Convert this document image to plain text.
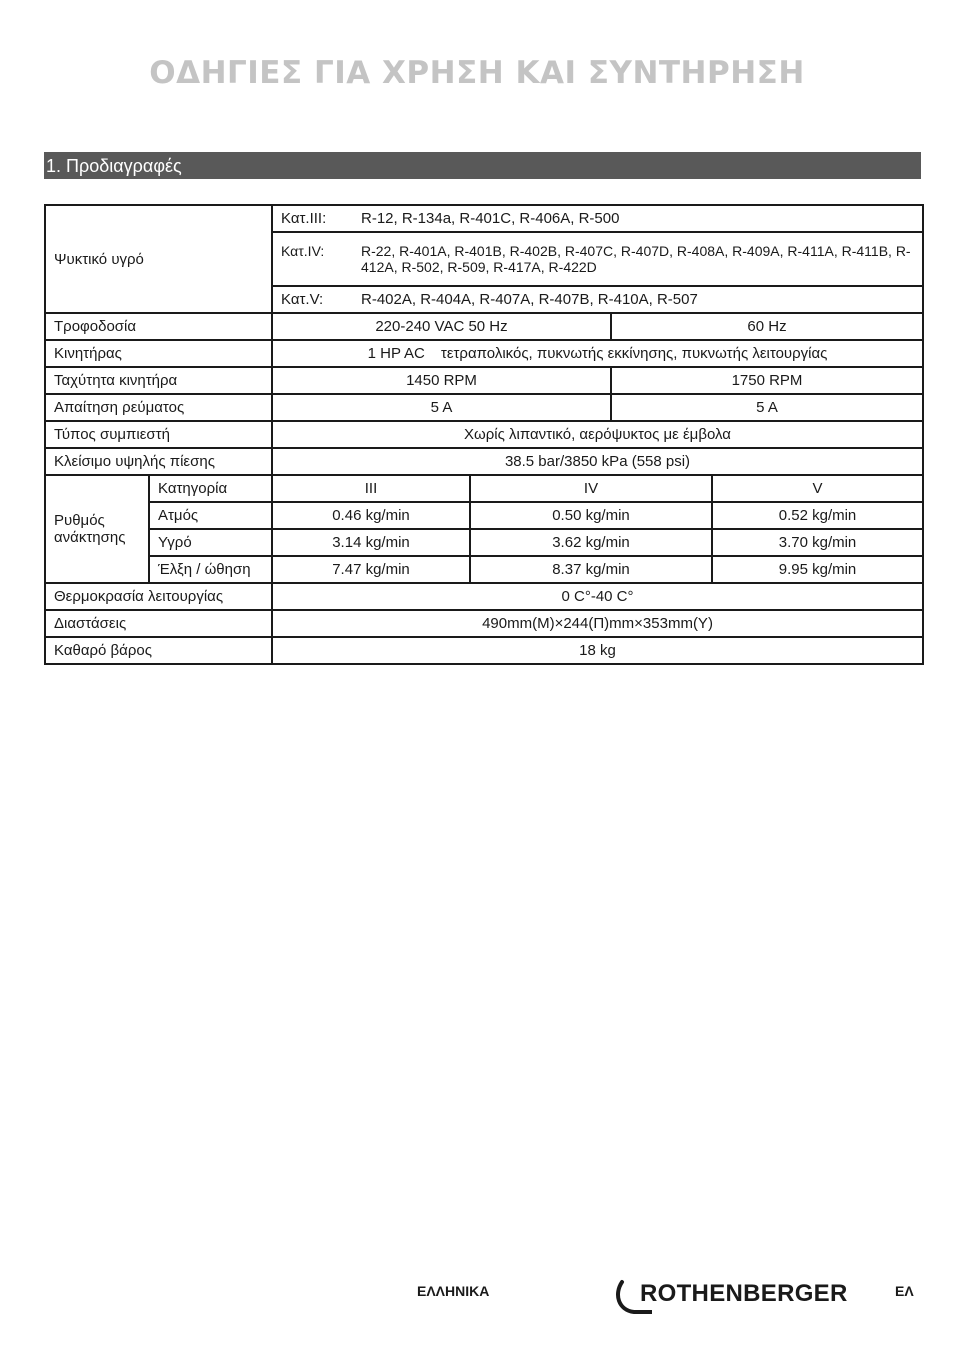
ΟΔΗΓΙΕΣ ΓΙΑ ΧΡΗΣΗ ΚΑΙ ΣΥΝΤΗΡΗΣΗ
1. Προδιαγραφές
Ψυκτικό υγρό		Κατ.III: R-12, R-134a, R-401C, R-406A, R-500			

		Κατ.IV: R-22, R-401A, R-401B, R-402B, R-407C, R-407D, R-408A, R-409A, R-411A, R-411B, R-412A, R-502, R-509, R-417A, R-422D			

		Κατ.V: R-402A, R-404A, R-407A, R-407B, R-410A, R-507			

Τροφοδοσία		220-240 VAC 50 Hz		60 Hz	
Κινητήρας		1 HP AC τετραπολικός, πυκνωτής εκκίνησης, πυκνωτής λειτουργίας			
Ταχύτητα κινητήρα		1450 RPM		1750 RPM	
Απαίτηση ρεύματος		5 A		5 A	
Τύπος συμπιεστή		Χωρίς λιπαντικό, αερόψυκτος με έμβολα			
Κλείσιμο υψηλής πίεσης		38.5 bar/3850 kPa (558 psi)			
Ρυθμός ανάκτησης	Κατηγορία	III	IV		V
	Ατμός	0.46 kg/min	0.50 kg/min		0.52 kg/min
	Υγρό	3.14 kg/min	3.62 kg/min		3.70 kg/min
	Έλξη / ώθηση	7.47 kg/min	8.37 kg/min		9.95 kg/min
Θερμοκρασία λειτουργίας		0 C°-40 C°			
Διαστάσεις		490mm(Μ)×244(Π)mm×353mm(Υ)			
Καθαρό βάρος		18 kg			
ΕΛΛΗΝΙΚΑ	ROTHENBERGER	ΕΛ
